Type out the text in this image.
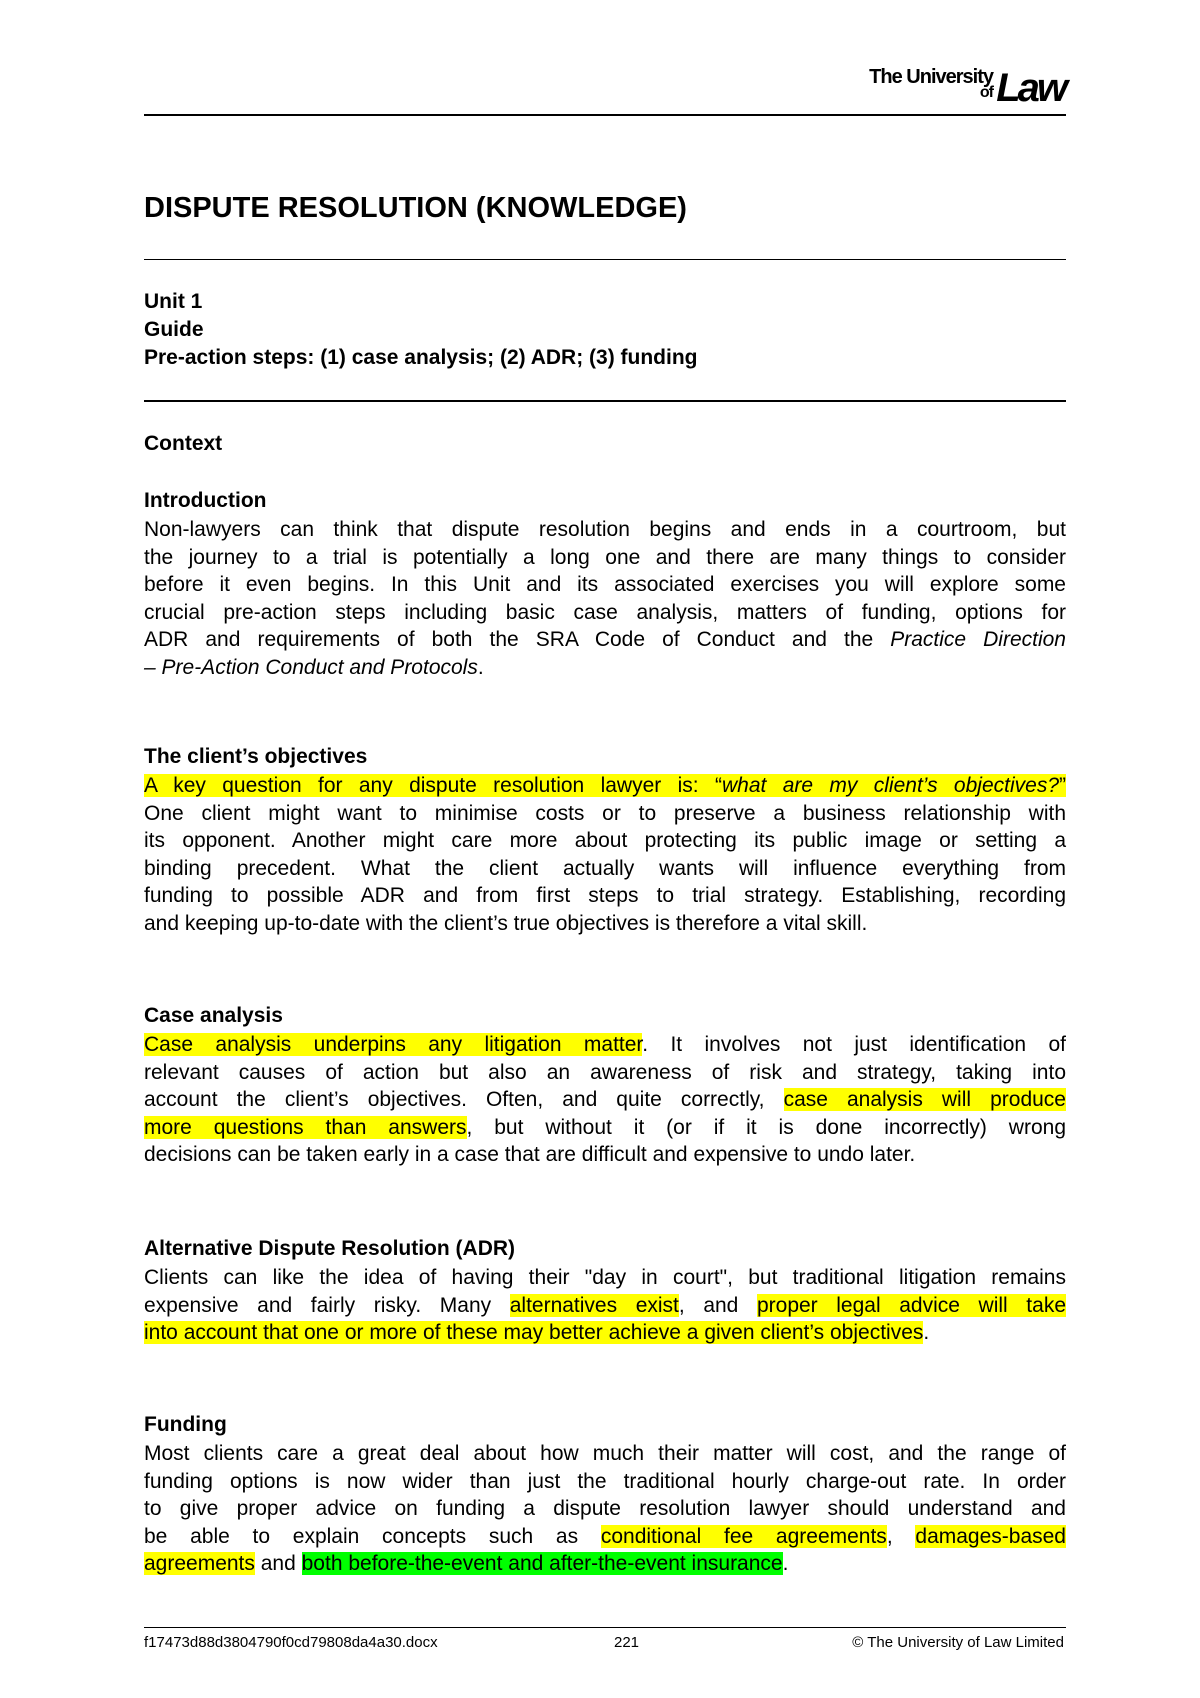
The University
of Law
DISPUTE RESOLUTION (KNOWLEDGE)
Unit 1
Guide
Pre-action steps: (1) case analysis; (2) ADR; (3) funding
Context
Introduction
Non-lawyers can think that dispute resolution begins and ends in a courtroom, but
the journey to a trial is potentially a long one and there are many things to consider
before it even begins. In this Unit and its associated exercises you will explore some
crucial pre-action steps including basic case analysis, matters of funding, options for
ADR and requirements of both the SRA Code of Conduct and the Practice Direction
– Pre-Action Conduct and Protocols.
The client’s objectives
A key question for any dispute resolution lawyer is: “what are my client’s objectives?”
One client might want to minimise costs or to preserve a business relationship with
its opponent. Another might care more about protecting its public image or setting a
binding precedent. What the client actually wants will influence everything from
funding to possible ADR and from first steps to trial strategy. Establishing, recording
and keeping up-to-date with the client’s true objectives is therefore a vital skill.
Case analysis
Case analysis underpins any litigation matter. It involves not just identification of
relevant causes of action but also an awareness of risk and strategy, taking into
account the client’s objectives. Often, and quite correctly, case analysis will produce
more questions than answers, but without it (or if it is done incorrectly) wrong
decisions can be taken early in a case that are difficult and expensive to undo later.
Alternative Dispute Resolution (ADR)
Clients can like the idea of having their "day in court", but traditional litigation remains
expensive and fairly risky. Many alternatives exist, and proper legal advice will take
into account that one or more of these may better achieve a given client’s objectives.
Funding
Most clients care a great deal about how much their matter will cost, and the range of
funding options is now wider than just the traditional hourly charge-out rate. In order
to give proper advice on funding a dispute resolution lawyer should understand and
be able to explain concepts such as conditional fee agreements, damages-based
agreements and both before-the-event and after-the-event insurance.
f17473d88d3804790f0cd79808da4a30.docx	221	© The University of Law Limited
